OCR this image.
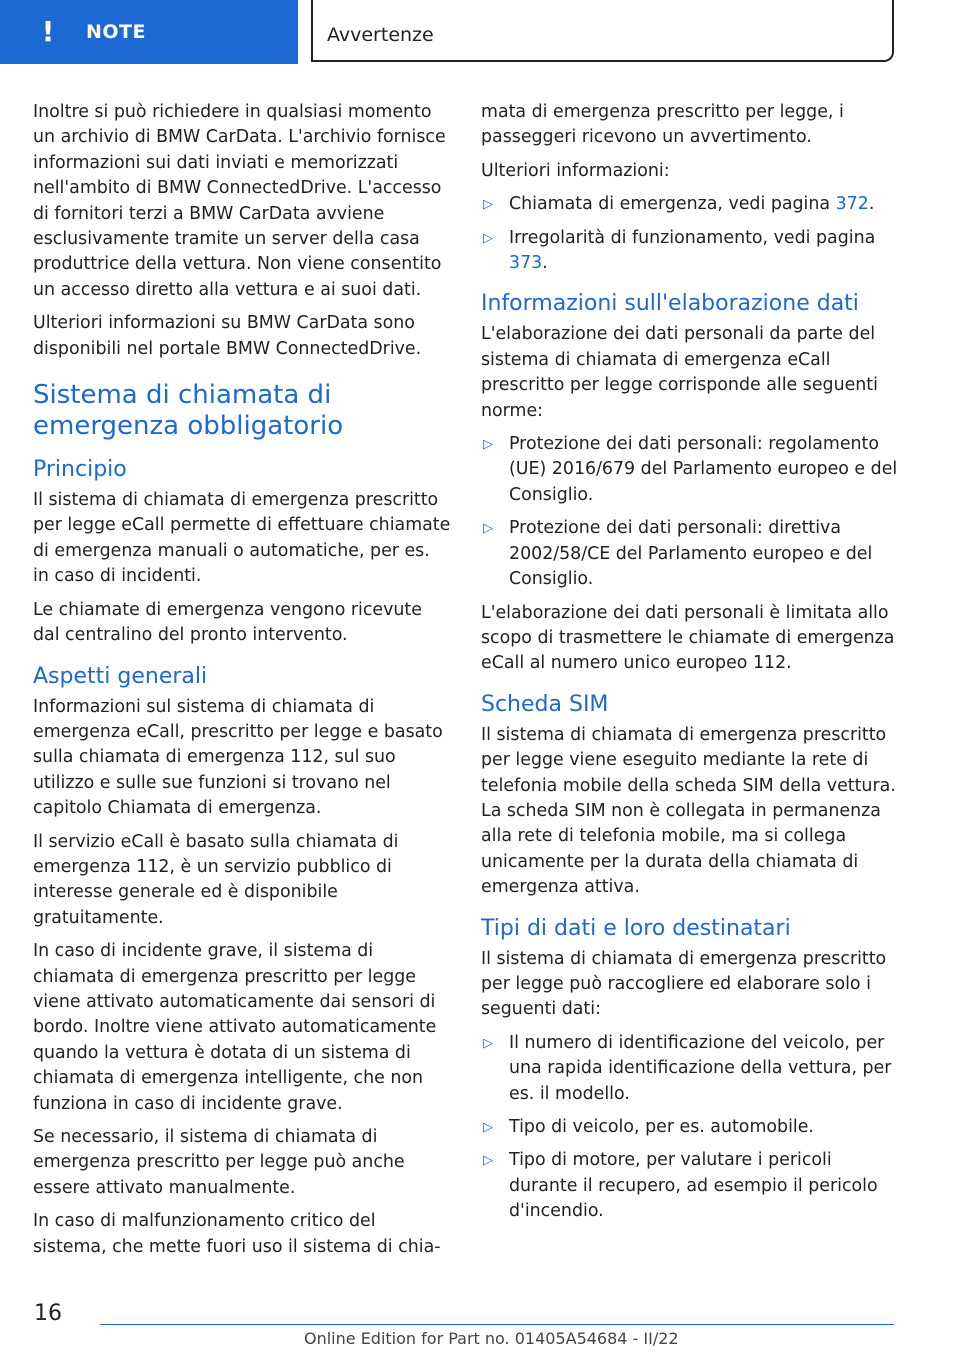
! NOTE	Avvertenze

Inoltre si può richiedere in qualsiasi momento un archivio di BMW CarData. L'archivio fornisce informazioni sui dati inviati e memorizzati nell'ambito di BMW ConnectedDrive. L'accesso di fornitori terzi a BMW CarData avviene esclusivamente tramite un server della casa produttrice della vettura. Non viene consentito un accesso diretto alla vettura e ai suoi dati.

Ulteriori informazioni su BMW CarData sono disponibili nel portale BMW ConnectedDrive.

Sistema di chiamata di emergenza obbligatorio
Principio

Il sistema di chiamata di emergenza prescritto per legge eCall permette di effettuare chiamate di emergenza manuali o automatiche, per es. in caso di incidenti.

Le chiamate di emergenza vengono ricevute dal centralino del pronto intervento.

Aspetti generali

Informazioni sul sistema di chiamata di emergenza eCall, prescritto per legge e basato sulla chiamata di emergenza 112, sul suo utilizzo e sulle sue funzioni si trovano nel capitolo Chiamata di emergenza.

Il servizio eCall è basato sulla chiamata di emergenza 112, è un servizio pubblico di interesse generale ed è disponibile gratuitamente.

In caso di incidente grave, il sistema di chiamata di emergenza prescritto per legge viene attivato automaticamente dai sensori di bordo. Inoltre viene attivato automaticamente quando la vettura è dotata di un sistema di chiamata di emergenza intelligente, che non funziona in caso di incidente grave.

Se necessario, il sistema di chiamata di emergenza prescritto per legge può anche essere attivato manualmente.

In caso di malfunzionamento critico del sistema, che mette fuori uso il sistema di chia-

mata di emergenza prescritto per legge, i passeggeri ricevono un avvertimento.

Ulteriori informazioni:

▷ Chiamata di emergenza, vedi pagina 372.
▷ Irregolarità di funzionamento, vedi pagina 373.
Informazioni sull'elaborazione dati

L'elaborazione dei dati personali da parte del sistema di chiamata di emergenza eCall prescritto per legge corrisponde alle seguenti norme:

▷ Protezione dei dati personali: regolamento (UE) 2016/679 del Parlamento europeo e del Consiglio.
▷ Protezione dei dati personali: direttiva 2002/58/CE del Parlamento europeo e del Consiglio.

L'elaborazione dei dati personali è limitata allo scopo di trasmettere le chiamate di emergenza eCall al numero unico europeo 112.

Scheda SIM

Il sistema di chiamata di emergenza prescritto per legge viene eseguito mediante la rete di telefonia mobile della scheda SIM della vettura. La scheda SIM non è collegata in permanenza alla rete di telefonia mobile, ma si collega unicamente per la durata della chiamata di emergenza attiva.

Tipi di dati e loro destinatari

Il sistema di chiamata di emergenza prescritto per legge può raccogliere ed elaborare solo i seguenti dati:

▷ Il numero di identificazione del veicolo, per una rapida identificazione della vettura, per es. il modello.
▷ Tipo di veicolo, per es. automobile.
▷ Tipo di motore, per valutare i pericoli durante il recupero, ad esempio il pericolo d'incendio.
16
Online Edition for Part no. 01405A54684 - II/22
